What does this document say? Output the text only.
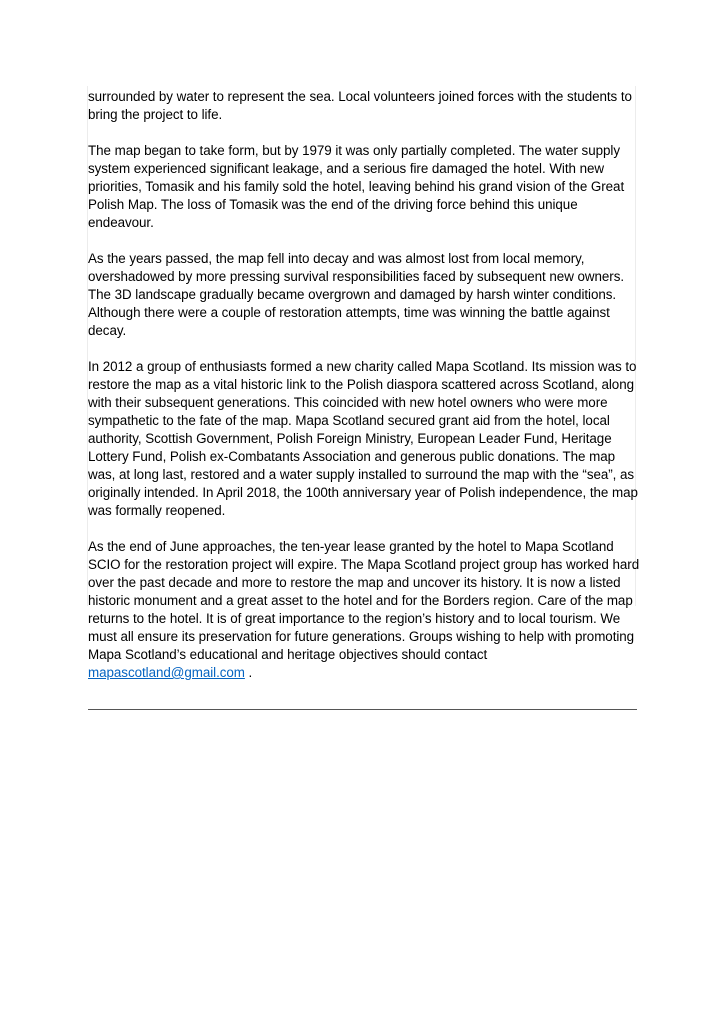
surrounded by water to represent the sea. Local volunteers joined forces with the students to bring the project to life.

The map began to take form, but by 1979 it was only partially completed. The water supply system experienced significant leakage, and a serious fire damaged the hotel. With new priorities, Tomasik and his family sold the hotel, leaving behind his grand vision of the Great Polish Map. The loss of Tomasik was the end of the driving force behind this unique endeavour.

As the years passed, the map fell into decay and was almost lost from local memory, overshadowed by more pressing survival responsibilities faced by subsequent new owners. The 3D landscape gradually became overgrown and damaged by harsh winter conditions. Although there were a couple of restoration attempts, time was winning the battle against decay.

In 2012 a group of enthusiasts formed a new charity called Mapa Scotland. Its mission was to restore the map as a vital historic link to the Polish diaspora scattered across Scotland, along with their subsequent generations. This coincided with new hotel owners who were more sympathetic to the fate of the map. Mapa Scotland secured grant aid from the hotel, local authority, Scottish Government, Polish Foreign Ministry, European Leader Fund, Heritage Lottery Fund, Polish ex-Combatants Association and generous public donations. The map was, at long last, restored and a water supply installed to surround the map with the “sea”, as originally intended. In April 2018, the 100th anniversary year of Polish independence, the map was formally reopened.

As the end of June approaches, the ten-year lease granted by the hotel to Mapa Scotland SCIO for the restoration project will expire. The Mapa Scotland project group has worked hard over the past decade and more to restore the map and uncover its history. It is now a listed historic monument and a great asset to the hotel and for the Borders region. Care of the map returns to the hotel. It is of great importance to the region’s history and to local tourism. We must all ensure its preservation for future generations. Groups wishing to help with promoting Mapa Scotland’s educational and heritage objectives should contact mapascotland@gmail.com .
